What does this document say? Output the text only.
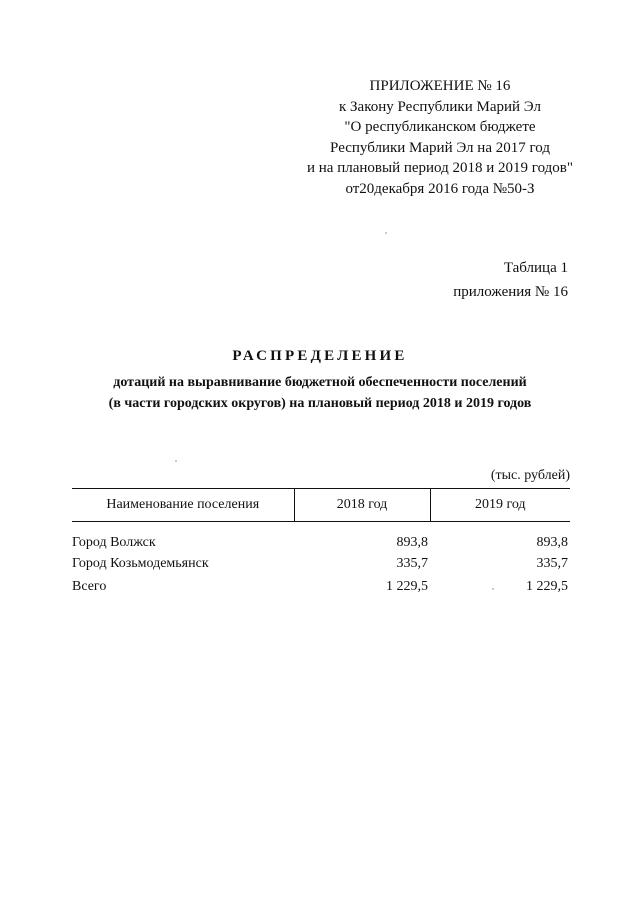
ПРИЛОЖЕНИЕ № 16
к Закону Республики Марий Эл
"О республиканском бюджете
Республики Марий Эл на 2017 год
и на плановый период 2018 и 2019 годов"
от20декабря 2016 года №50-З
Таблица 1
приложения № 16
РАСПРЕДЕЛЕНИЕ
дотаций на выравнивание бюджетной обеспеченности поселений
(в части городских округов) на плановый период 2018 и 2019 годов
(тыс. рублей)
Наименование поселения	2018 год	2019 год

Город Волжск	893,8	893,8
Город Козьмодемьянск	335,7	335,7
Всего	1 229,5	1 229,5
